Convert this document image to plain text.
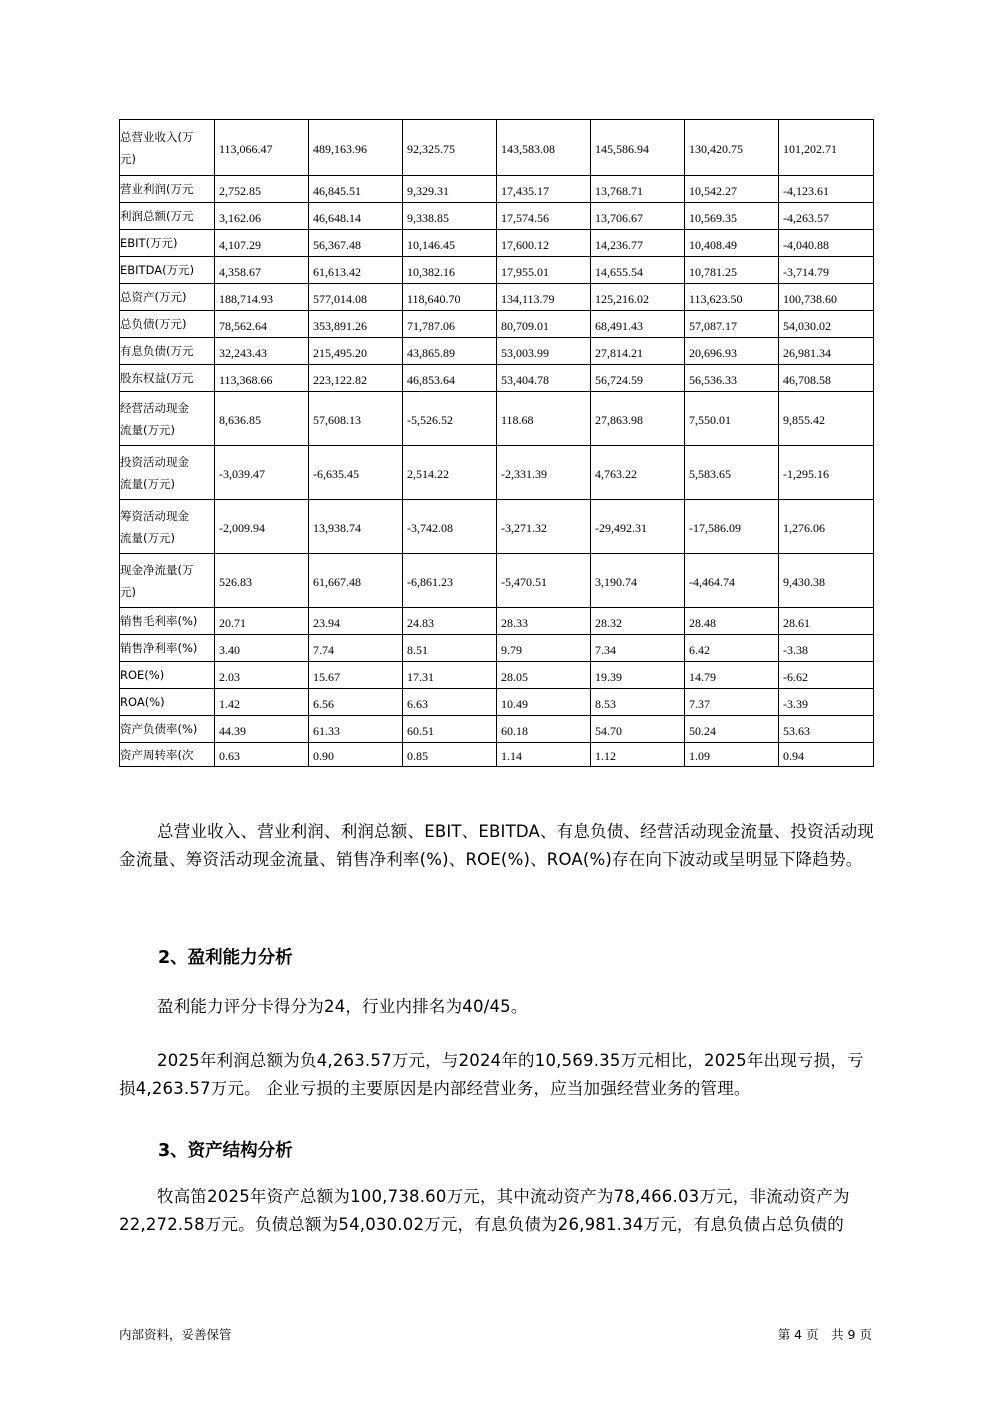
总营业收入(万
元)	113,066.47	489,163.96	92,325.75	143,583.08	145,586.94	130,420.75	101,202.71
营业利润(万元	2,752.85	46,845.51	9,329.31	17,435.17	13,768.71	10,542.27	-4,123.61
利润总额(万元	3,162.06	46,648.14	9,338.85	17,574.56	13,706.67	10,569.35	-4,263.57
EBIT(万元)	4,107.29	56,367.48	10,146.45	17,600.12	14,236.77	10,408.49	-4,040.88
EBITDA(万元)	4,358.67	61,613.42	10,382.16	17,955.01	14,655.54	10,781.25	-3,714.79
总资产(万元)	188,714.93	577,014.08	118,640.70	134,113.79	125,216.02	113,623.50	100,738.60
总负债(万元)	78,562.64	353,891.26	71,787.06	80,709.01	68,491.43	57,087.17	54,030.02
有息负债(万元	32,243.43	215,495.20	43,865.89	53,003.99	27,814.21	20,696.93	26,981.34
股东权益(万元	113,368.66	223,122.82	46,853.64	53,404.78	56,724.59	56,536.33	46,708.58

经营活动现金
流量(万元)	8,636.85	57,608.13	-5,526.52	118.68	27,863.98	7,550.01	9,855.42

投资活动现金
流量(万元)	-3,039.47	-6,635.45	2,514.22	-2,331.39	4,763.22	5,583.65	-1,295.16

筹资活动现金
流量(万元)	-2,009.94	13,938.74	-3,742.08	-3,271.32	-29,492.31	-17,586.09	1,276.06

现金净流量(万
元)	526.83	61,667.48	-6,861.23	-5,470.51	3,190.74	-4,464.74	9,430.38
销售毛利率(%)	20.71	23.94	24.83	28.33	28.32	28.48	28.61
销售净利率(%)	3.40	7.74	8.51	9.79	7.34	6.42	-3.38
ROE(%)	2.03	15.67	17.31	28.05	19.39	14.79	-6.62
ROA(%)	1.42	6.56	6.63	10.49	8.53	7.37	-3.39
资产负债率(%)	44.39	61.33	60.51	60.18	54.70	50.24	53.63
资产周转率(次	0.63	0.90	0.85	1.14	1.12	1.09	0.94
总营业收入、营业利润、利润总额、EBIT、EBITDA、有息负债、经营活动现金流量、投资活动现金流量、筹资活动现金流量、销售净利率(%)、ROE(%)、ROA(%)存在向下波动或呈明显下降趋势。
2、盈利能力分析
盈利能力评分卡得分为24，行业内排名为40/45。
2025年利润总额为负4,263.57万元，与2024年的10,569.35万元相比，2025年出现亏损，亏损4,263.57万元。 企业亏损的主要原因是内部经营业务，应当加强经营业务的管理。
3、资产结构分析
牧高笛2025年资产总额为100,738.60万元，其中流动资产为78,466.03万元，非流动资产为22,272.58万元。负债总额为54,030.02万元，有息负债为26,981.34万元，有息负债占总负债的
内部资料，妥善保管	第 4 页　共 9 页
